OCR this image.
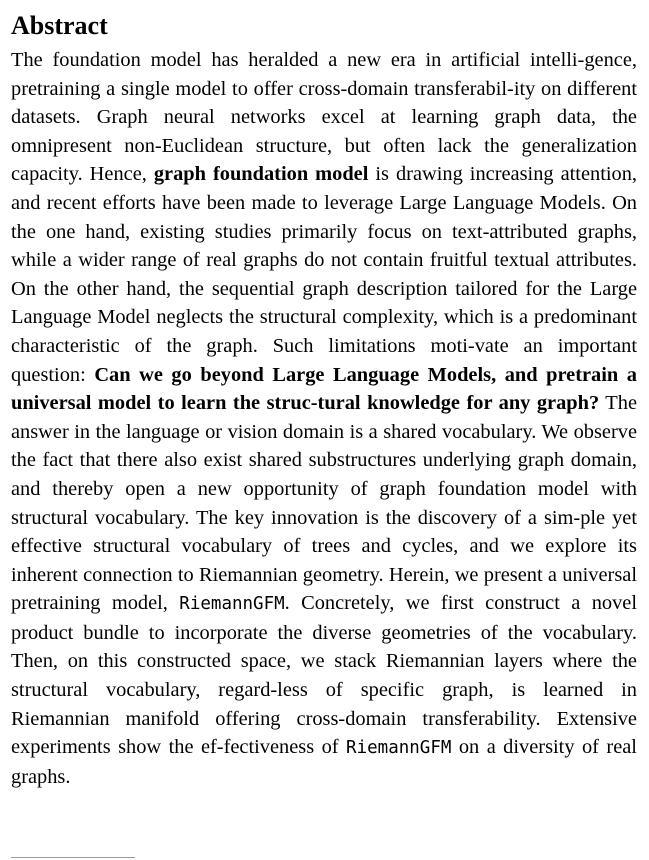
Abstract

The foundation model has heralded a new era in artificial intelli-gence, pretraining a single model to offer cross-domain transferabil-ity on different datasets. Graph neural networks excel at learning graph data, the omnipresent non-Euclidean structure, but often lack the generalization capacity. Hence, graph foundation model is drawing increasing attention, and recent efforts have been made to leverage Large Language Models. On the one hand, existing studies primarily focus on text-attributed graphs, while a wider range of real graphs do not contain fruitful textual attributes. On the other hand, the sequential graph description tailored for the Large Language Model neglects the structural complexity, which is a predominant characteristic of the graph. Such limitations moti-vate an important question: Can we go beyond Large Language Models, and pretrain a universal model to learn the struc-tural knowledge for any graph? The answer in the language or vision domain is a shared vocabulary. We observe the fact that there also exist shared substructures underlying graph domain, and thereby open a new opportunity of graph foundation model with structural vocabulary. The key innovation is the discovery of a sim-ple yet effective structural vocabulary of trees and cycles, and we explore its inherent connection to Riemannian geometry. Herein, we present a universal pretraining model, RiemannGFM. Concretely, we first construct a novel product bundle to incorporate the diverse geometries of the vocabulary. Then, on this constructed space, we stack Riemannian layers where the structural vocabulary, regard-less of specific graph, is learned in Riemannian manifold offering cross-domain transferability. Extensive experiments show the ef-fectiveness of RiemannGFM on a diversity of real graphs.
